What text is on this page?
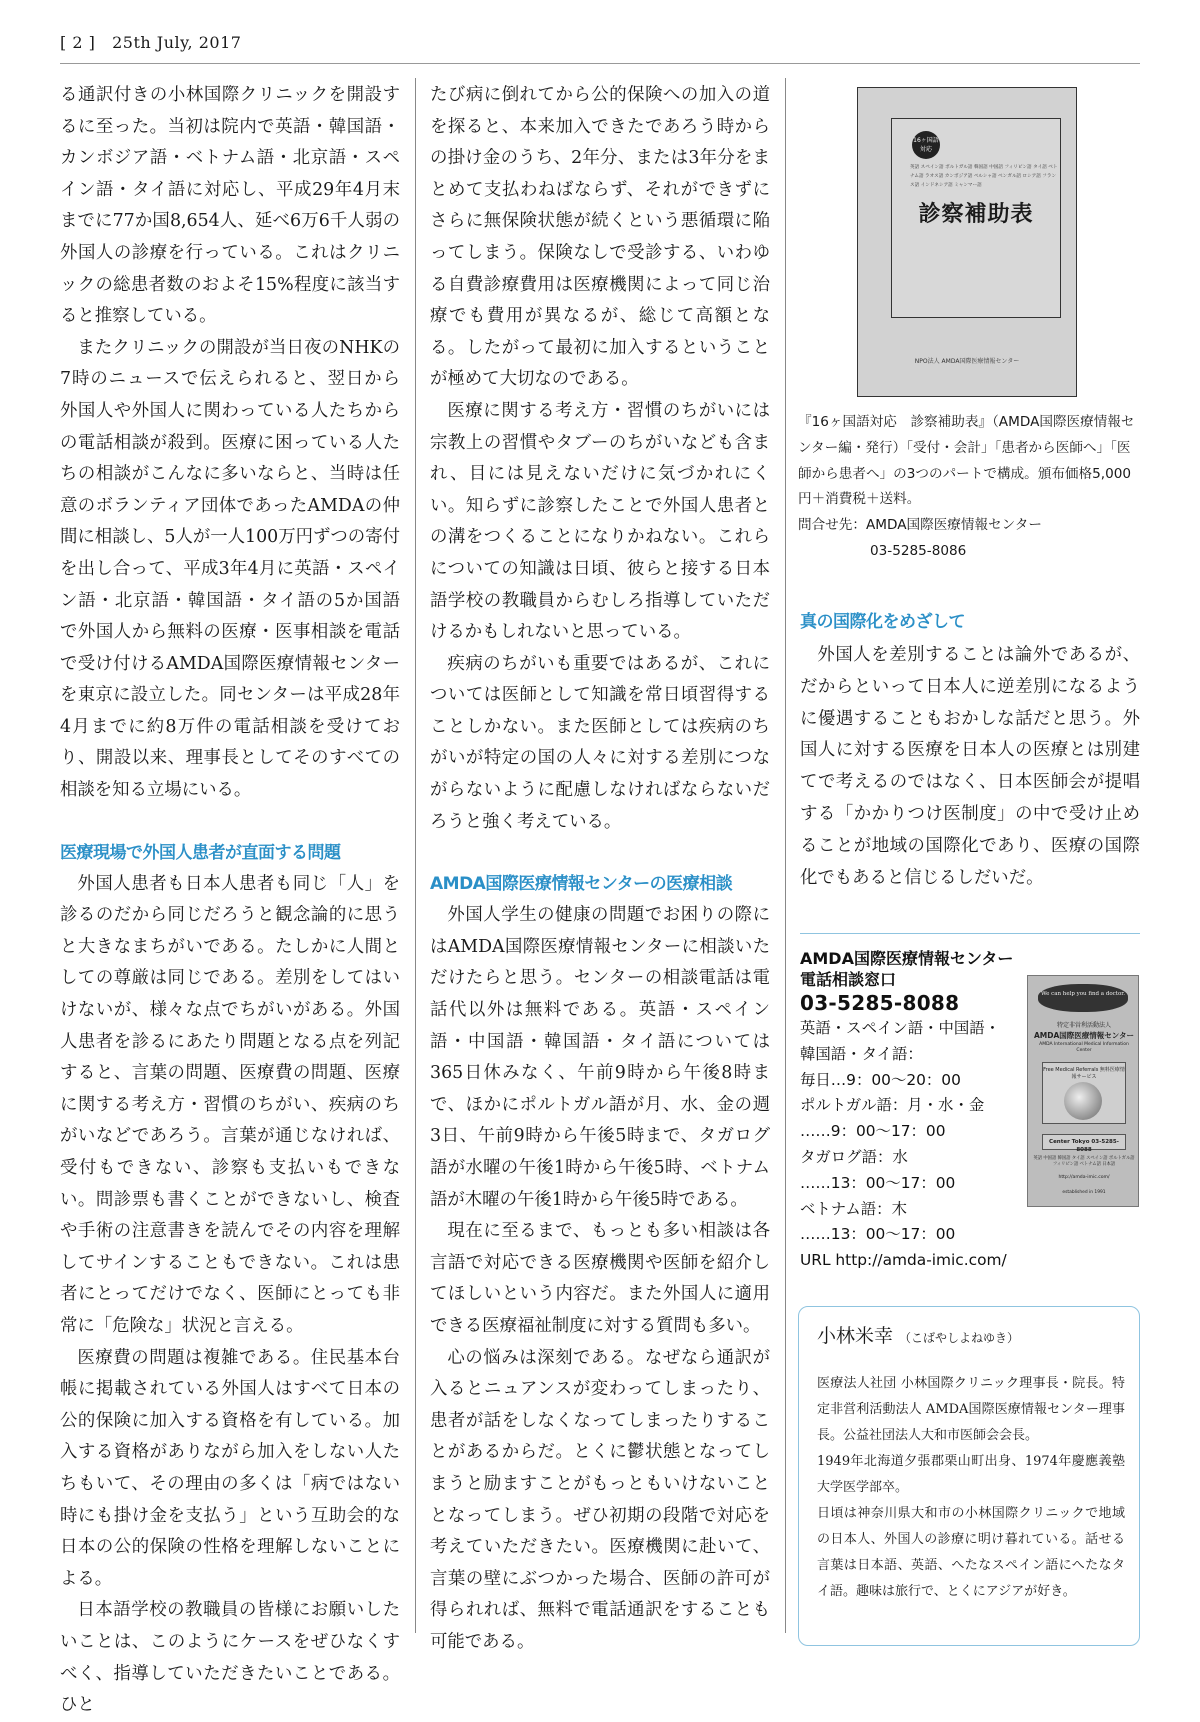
[ 2 ] 25th July, 2017

る通訳付きの小林国際クリニックを開設するに至った。当初は院内で英語・韓国語・カンボジア語・ベトナム語・北京語・スペイン語・タイ語に対応し、平成29年4月末までに77か国8,654人、延べ6万6千人弱の外国人の診療を行っている。これはクリニックの総患者数のおよそ15%程度に該当すると推察している。

またクリニックの開設が当日夜のNHKの7時のニュースで伝えられると、翌日から外国人や外国人に関わっている人たちからの電話相談が殺到。医療に困っている人たちの相談がこんなに多いならと、当時は任意のボランティア団体であったAMDAの仲間に相談し、5人が一人100万円ずつの寄付を出し合って、平成3年4月に英語・スペイン語・北京語・韓国語・タイ語の5か国語で外国人から無料の医療・医事相談を電話で受け付けるAMDA国際医療情報センターを東京に設立した。同センターは平成28年4月までに約8万件の電話相談を受けており、開設以来、理事長としてそのすべての相談を知る立場にいる。

医療現場で外国人患者が直面する問題

外国人患者も日本人患者も同じ「人」を診るのだから同じだろうと観念論的に思うと大きなまちがいである。たしかに人間としての尊厳は同じである。差別をしてはいけないが、様々な点でちがいがある。外国人患者を診るにあたり問題となる点を列記すると、言葉の問題、医療費の問題、医療に関する考え方・習慣のちがい、疾病のちがいなどであろう。言葉が通じなければ、受付もできない、診察も支払いもできない。問診票も書くことができないし、検査や手術の注意書きを読んでその内容を理解してサインすることもできない。これは患者にとってだけでなく、医師にとっても非常に「危険な」状況と言える。

医療費の問題は複雑である。住民基本台帳に掲載されている外国人はすべて日本の公的保険に加入する資格を有している。加入する資格がありながら加入をしない人たちもいて、その理由の多くは「病ではない時にも掛け金を支払う」という互助会的な日本の公的保険の性格を理解しないことによる。

日本語学校の教職員の皆様にお願いしたいことは、このようにケースをぜひなくすべく、指導していただきたいことである。ひと

たび病に倒れてから公的保険への加入の道を探ると、本来加入できたであろう時からの掛け金のうち、2年分、または3年分をまとめて支払わねばならず、それができずにさらに無保険状態が続くという悪循環に陥ってしまう。保険なしで受診する、いわゆる自費診療費用は医療機関によって同じ治療でも費用が異なるが、総じて高額となる。したがって最初に加入するということが極めて大切なのである。

医療に関する考え方・習慣のちがいには宗教上の習慣やタブーのちがいなども含まれ、目には見えないだけに気づかれにくい。知らずに診察したことで外国人患者との溝をつくることになりかねない。これらについての知識は日頃、彼らと接する日本語学校の教職員からむしろ指導していただけるかもしれないと思っている。

疾病のちがいも重要ではあるが、これについては医師として知識を常日頃習得することしかない。また医師としては疾病のちがいが特定の国の人々に対する差別につながらないように配慮しなければならないだろうと強く考えている。

AMDA国際医療情報センターの医療相談

外国人学生の健康の問題でお困りの際にはAMDA国際医療情報センターに相談いただけたらと思う。センターの相談電話は電話代以外は無料である。英語・スペイン語・中国語・韓国語・タイ語については365日休みなく、午前9時から午後8時まで、ほかにポルトガル語が月、水、金の週3日、午前9時から午後5時まで、タガログ語が水曜の午後1時から午後5時、ベトナム語が木曜の午後1時から午後5時である。

現在に至るまで、もっとも多い相談は各言語で対応できる医療機関や医師を紹介してほしいという内容だ。また外国人に適用できる医療福祉制度に対する質問も多い。

心の悩みは深刻である。なぜなら通訳が入るとニュアンスが変わってしまったり、患者が話をしなくなってしまったりすることがあるからだ。とくに鬱状態となってしまうと励ますことがもっともいけないこととなってしまう。ぜひ初期の段階で対応を考えていただきたい。医療機関に赴いて、言葉の壁にぶつかった場合、医師の許可が得られれば、無料で電話通訳をすることも可能である。

16ヶ国語対応
英語 スペイン語 ポルトガル語 韓国語 中国語 フィリピン語 タイ語 ベトナム語 ラオス語 カンボジア語 ペルシャ語 ベンガル語 ロシア語 フランス語 インドネシア語 ミャンマー語
診察補助表
NPO法人 AMDA国際医療情報センター

『16ヶ国語対応　診察補助表』（AMDA国際医療情報センター編・発行）「受付・会計」「患者から医師へ」「医師から患者へ」の3つのパートで構成。頒布価格5,000円＋消費税＋送料。

問合せ先：AMDA国際医療情報センター

03-5285-8086

真の国際化をめざして

外国人を差別することは論外であるが、だからといって日本人に逆差別になるように優遇することもおかしな話だと思う。外国人に対する医療を日本人の医療とは別建てで考えるのではなく、日本医師会が提唱する「かかりつけ医制度」の中で受け止めることが地域の国際化であり、医療の国際化でもあると信じるしだいだ。

AMDA国際医療情報センター
電話相談窓口
03-5285-8088
英語・スペイン語・中国語・
韓国語・タイ語：
毎日…9：00～20：00
ポルトガル語：月・水・金
……9：00～17：00
タガログ語：水
……13：00～17：00
ベトナム語：木
……13：00～17：00
URL http://amda-imic.com/
We can help you find a doctor.
特定非営利活動法人
AMDA国際医療情報センター
AMDA International Medical Information Center
Free Medical Referrals 無料医療情報サービス
Center Tokyo 03-5285-8088
英語 中国語 韓国語 タイ語 スペイン語 ポルトガル語 フィリピン語 ベトナム語 日本語
http://amda-imic.com/
established in 1991
小林米幸 （こばやしよねゆき）

医療法人社団 小林国際クリニック理事長・院長。特定非営利活動法人 AMDA国際医療情報センター理事長。公益社団法人大和市医師会会長。

1949年北海道夕張郡栗山町出身、1974年慶應義塾大学医学部卒。

日頃は神奈川県大和市の小林国際クリニックで地域の日本人、外国人の診療に明け暮れている。話せる言葉は日本語、英語、へたなスペイン語にへたなタイ語。趣味は旅行で、とくにアジアが好き。
